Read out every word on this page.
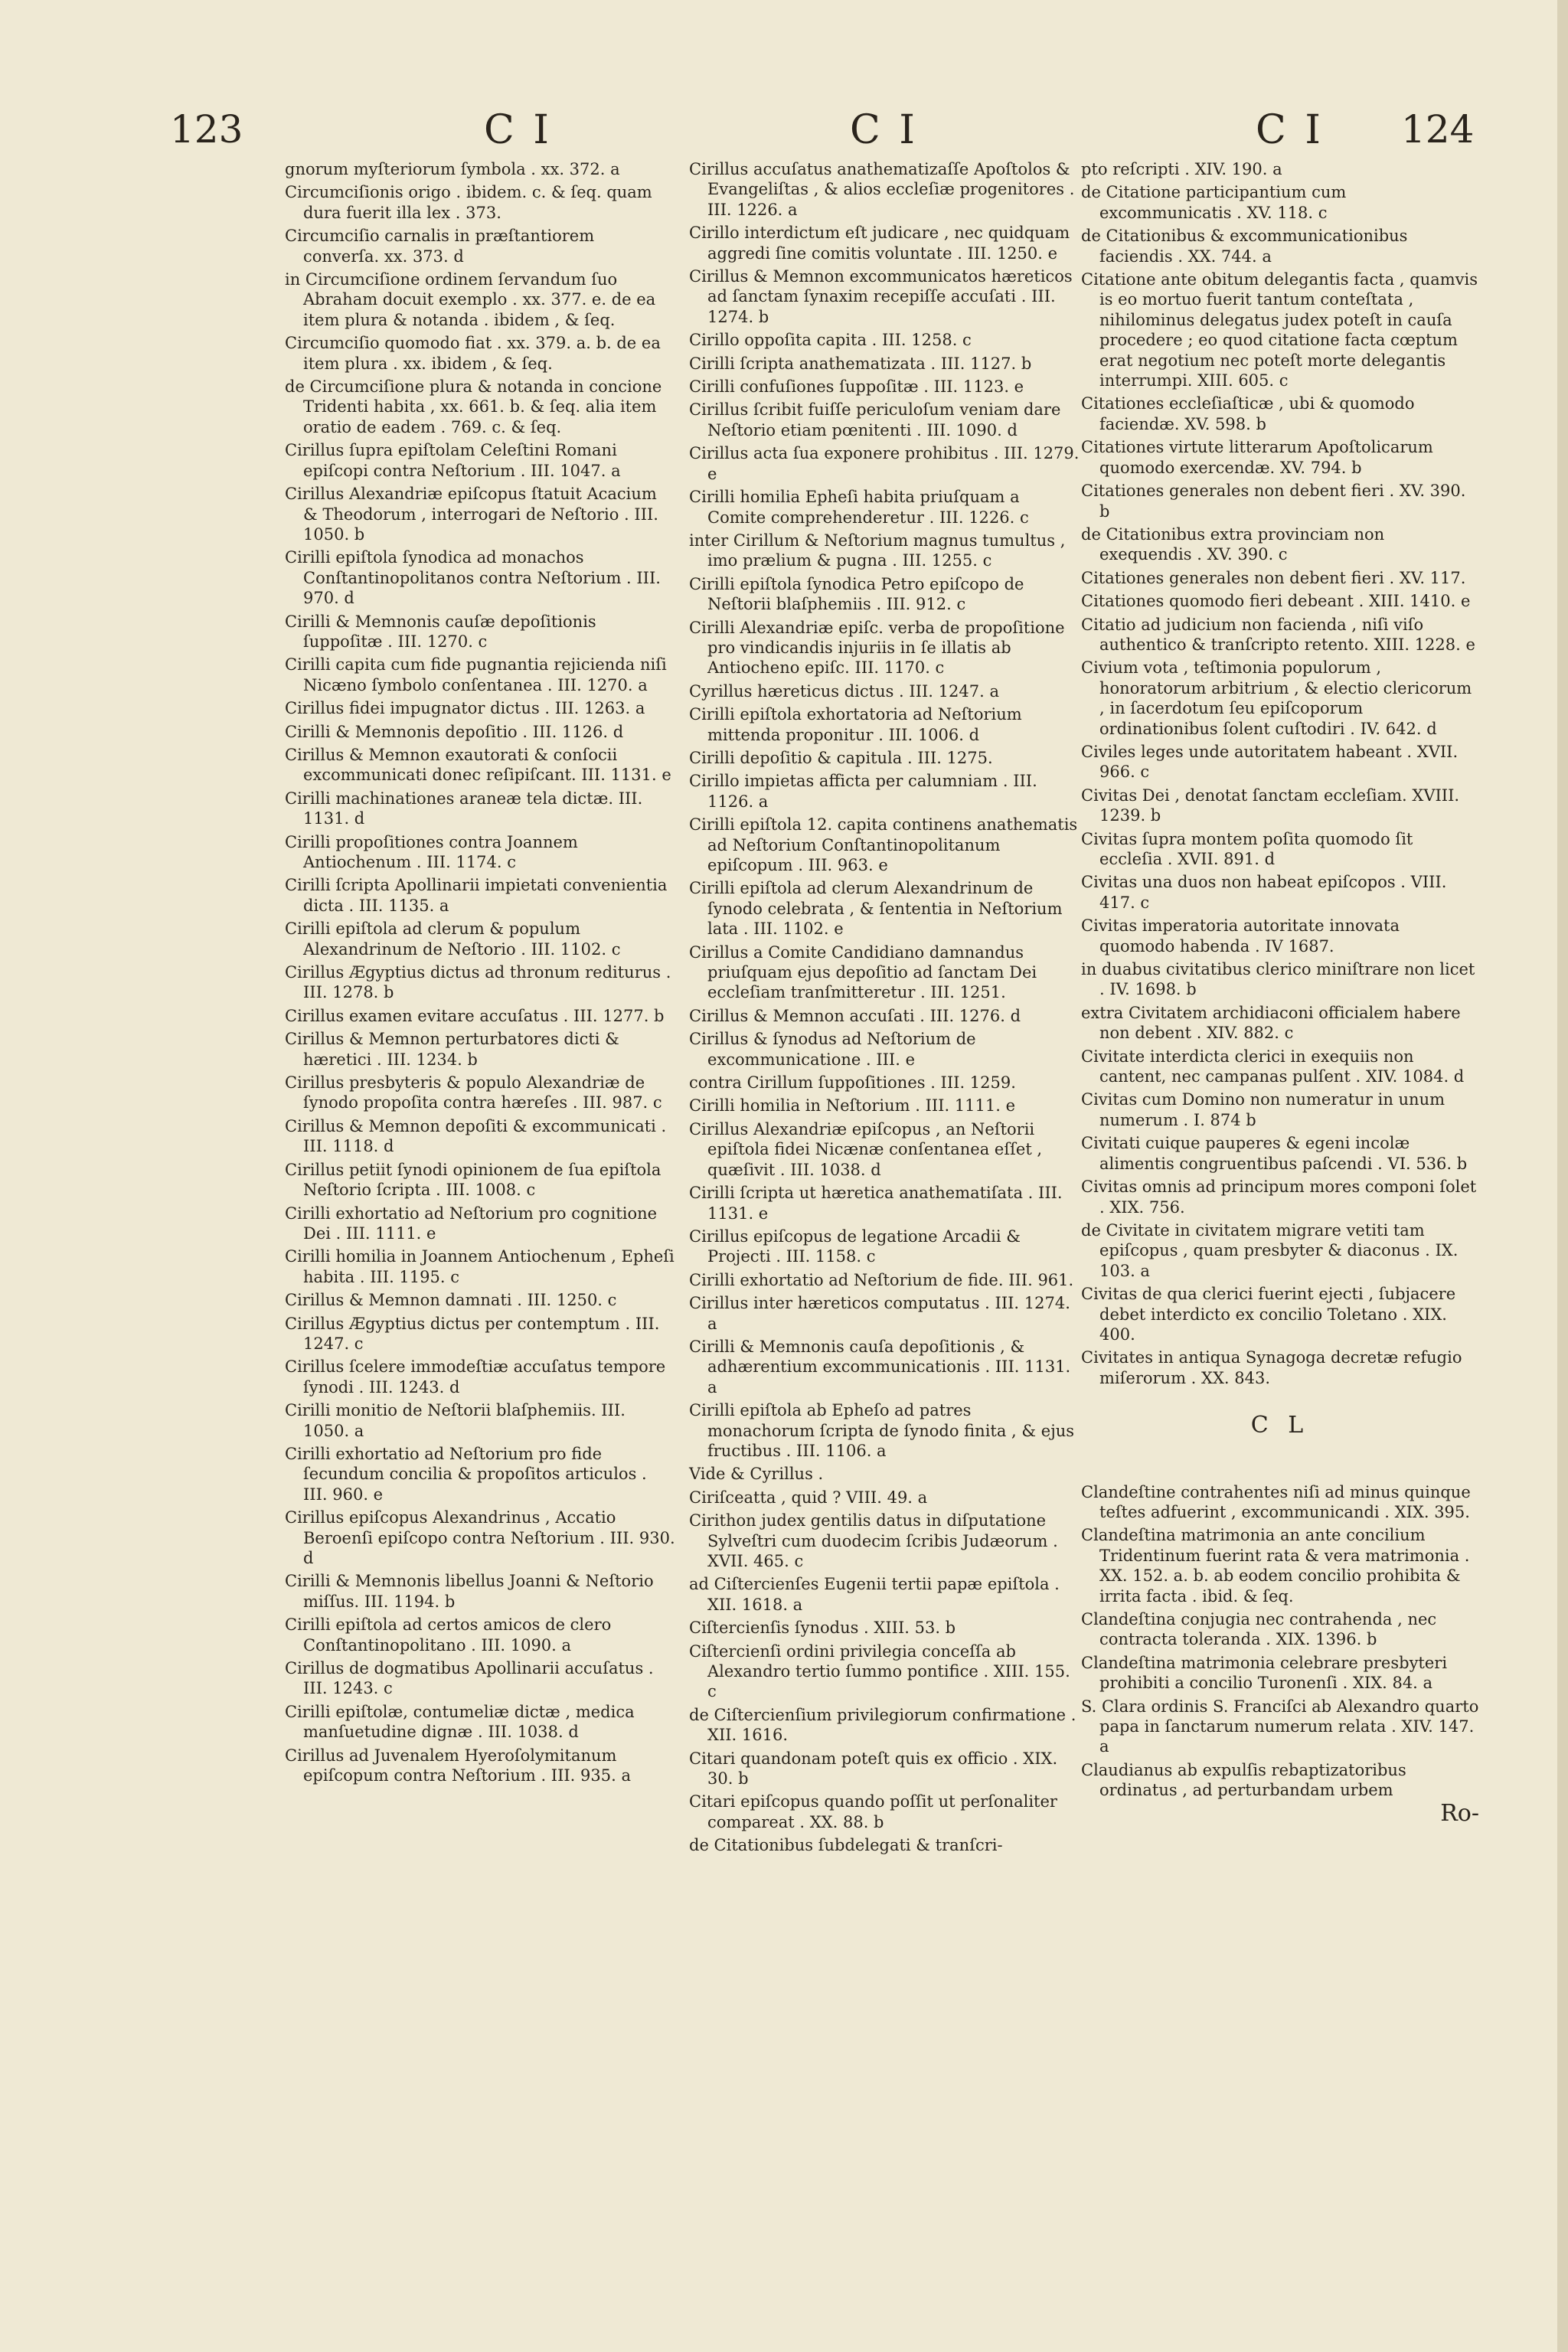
123	C I	C I	C I 124

gnorum myſteriorum ſymbola . xx. 372. a

Circumciſionis origo . ibidem. c. & ſeq. quam dura fuerit illa lex . 373.

Circumciſio carnalis in præſtantiorem converſa. xx. 373. d

in Circumciſione ordinem ſervandum ſuo Abraham docuit exemplo . xx. 377. e. de ea item plura & notanda . ibidem , & ſeq.

Circumciſio quomodo fiat . xx. 379. a. b. de ea item plura . xx. ibidem , & ſeq.

de Circumciſione plura & notanda in concione Tridenti habita , xx. 661. b. & ſeq. alia item oratio de eadem . 769. c. & ſeq.

Cirillus ſupra epiſtolam Celeſtini Romani epiſcopi contra Neſtorium . III. 1047. a

Cirillus Alexandriæ epiſcopus ſtatuit Acacium & Theodorum , interrogari de Neſtorio . III. 1050. b

Cirilli epiſtola ſynodica ad monachos Conſtantinopolitanos contra Neſtorium . III. 970. d

Cirilli & Memnonis cauſæ depoſitionis ſuppoſitæ . III. 1270. c

Cirilli capita cum fide pugnantia rejicienda niſi Nicæno ſymbolo conſentanea . III. 1270. a

Cirillus fidei impugnator dictus . III. 1263. a

Cirilli & Memnonis depoſitio . III. 1126. d

Cirillus & Memnon exautorati & conſocii excommunicati donec reſipiſcant. III. 1131. e

Cirilli machinationes araneæ tela dictæ. III. 1131. d

Cirilli propoſitiones contra Joannem Antiochenum . III. 1174. c

Cirilli ſcripta Apollinarii impietati convenientia dicta . III. 1135. a

Cirilli epiſtola ad clerum & populum Alexandrinum de Neſtorio . III. 1102. c

Cirillus Ægyptius dictus ad thronum rediturus . III. 1278. b

Cirillus examen evitare accuſatus . III. 1277. b

Cirillus & Memnon perturbatores dicti & hæretici . III. 1234. b

Cirillus presbyteris & populo Alexandriæ de ſynodo propoſita contra hæreſes . III. 987. c

Cirillus & Memnon depoſiti & excommunicati . III. 1118. d

Cirillus petiit ſynodi opinionem de ſua epiſtola Neſtorio ſcripta . III. 1008. c

Cirilli exhortatio ad Neſtorium pro cognitione Dei . III. 1111. e

Cirilli homilia in Joannem Antiochenum , Epheſi habita . III. 1195. c

Cirillus & Memnon damnati . III. 1250. c

Cirillus Ægyptius dictus per contemptum . III. 1247. c

Cirillus ſcelere immodeſtiæ accuſatus tempore ſynodi . III. 1243. d

Cirilli monitio de Neſtorii blaſphemiis. III. 1050. a

Cirilli exhortatio ad Neſtorium pro fide ſecundum concilia & propoſitos articulos . III. 960. e

Cirillus epiſcopus Alexandrinus , Accatio Beroenſi epiſcopo contra Neſtorium . III. 930. d

Cirilli & Memnonis libellus Joanni & Neſtorio miſſus. III. 1194. b

Cirilli epiſtola ad certos amicos de clero Conſtantinopolitano . III. 1090. a

Cirillus de dogmatibus Apollinarii accuſatus . III. 1243. c

Cirilli epiſtolæ, contumeliæ dictæ , medica manſuetudine dignæ . III. 1038. d

Cirillus ad Juvenalem Hyeroſolymitanum epiſcopum contra Neſtorium . III. 935. a

Cirillus accuſatus anathematizaſſe Apoſtolos & Evangeliſtas , & alios eccleſiæ progenitores . III. 1226. a

Cirillo interdictum eſt judicare , nec quidquam aggredi ſine comitis voluntate . III. 1250. e

Cirillus & Memnon excommunicatos hæreticos ad ſanctam ſynaxim recepiſſe accuſati . III. 1274. b

Cirillo oppoſita capita . III. 1258. c

Cirilli ſcripta anathematizata . III. 1127. b

Cirilli confuſiones ſuppoſitæ . III. 1123. e

Cirillus ſcribit fuiſſe periculoſum veniam dare Neſtorio etiam pœnitenti . III. 1090. d

Cirillus acta ſua exponere prohibitus . III. 1279. e

Cirilli homilia Epheſi habita priuſquam a Comite comprehenderetur . III. 1226. c

inter Cirillum & Neſtorium magnus tumultus , imo prælium & pugna . III. 1255. c

Cirilli epiſtola ſynodica Petro epiſcopo de Neſtorii blaſphemiis . III. 912. c

Cirilli Alexandriæ epiſc. verba de propoſitione pro vindicandis injuriis in ſe illatis ab Antiocheno epiſc. III. 1170. c

Cyrillus hæreticus dictus . III. 1247. a

Cirilli epiſtola exhortatoria ad Neſtorium mittenda proponitur . III. 1006. d

Cirilli depoſitio & capitula . III. 1275.

Cirillo impietas afficta per calumniam . III. 1126. a

Cirilli epiſtola 12. capita continens anathematis ad Neſtorium Conſtantinopolitanum epiſcopum . III. 963. e

Cirilli epiſtola ad clerum Alexandrinum de ſynodo celebrata , & ſententia in Neſtorium lata . III. 1102. e

Cirillus a Comite Candidiano damnandus priuſquam ejus depoſitio ad ſanctam Dei eccleſiam tranſmitteretur . III. 1251.

Cirillus & Memnon accuſati . III. 1276. d

Cirillus & ſynodus ad Neſtorium de excommunicatione . III. e

contra Cirillum ſuppoſitiones . III. 1259.

Cirilli homilia in Neſtorium . III. 1111. e

Cirillus Alexandriæ epiſcopus , an Neſtorii epiſtola fidei Nicænæ conſentanea eſſet , quæſivit . III. 1038. d

Cirilli ſcripta ut hæretica anathematiſata . III. 1131. e

Cirillus epiſcopus de legatione Arcadii & Projecti . III. 1158. c

Cirilli exhortatio ad Neſtorium de fide. III. 961.

Cirillus inter hæreticos computatus . III. 1274. a

Cirilli & Memnonis cauſa depoſitionis , & adhærentium excommunicationis . III. 1131. a

Cirilli epiſtola ab Epheſo ad patres monachorum ſcripta de ſynodo finita , & ejus fructibus . III. 1106. a

Vide & Cyrillus .

Ciriſceatta , quid ? VIII. 49. a

Cirithon judex gentilis datus in diſputatione Sylveſtri cum duodecim ſcribis Judæorum . XVII. 465. c

ad Ciſtercienſes Eugenii tertii papæ epiſtola . XII. 1618. a

Ciſtercienſis ſynodus . XIII. 53. b

Ciſtercienſi ordini privilegia conceſſa ab Alexandro tertio ſummo pontifice . XIII. 155. c

de Ciſtercienſium privilegiorum confirmatione . XII. 1616.

Citari quandonam poteſt quis ex officio . XIX. 30. b

Citari epiſcopus quando poſſit ut perſonaliter compareat . XX. 88. b

de Citationibus ſubdelegati & tranſcri-

pto reſcripti . XIV. 190. a

de Citatione participantium cum excommunicatis . XV. 118. c

de Citationibus & excommunicationibus faciendis . XX. 744. a

Citatione ante obitum delegantis facta , quamvis is eo mortuo fuerit tantum conteſtata , nihilominus delegatus judex poteſt in cauſa procedere ; eo quod citatione facta cœptum erat negotium nec poteſt morte delegantis interrumpi. XIII. 605. c

Citationes eccleſiaſticæ , ubi & quomodo faciendæ. XV. 598. b

Citationes virtute litterarum Apoſtolicarum quomodo exercendæ. XV. 794. b

Citationes generales non debent fieri . XV. 390. b

de Citationibus extra provinciam non exequendis . XV. 390. c

Citationes generales non debent fieri . XV. 117.

Citationes quomodo fieri debeant . XIII. 1410. e

Citatio ad judicium non facienda , niſi viſo authentico & tranſcripto retento. XIII. 1228. e

Civium vota , teſtimonia populorum , honoratorum arbitrium , & electio clericorum , in ſacerdotum ſeu epiſcoporum ordinationibus ſolent cuſtodiri . IV. 642. d

Civiles leges unde autoritatem habeant . XVII. 966. c

Civitas Dei , denotat ſanctam eccleſiam. XVIII. 1239. b

Civitas ſupra montem poſita quomodo ſit eccleſia . XVII. 891. d

Civitas una duos non habeat epiſcopos . VIII. 417. c

Civitas imperatoria autoritate innovata quomodo habenda . IV 1687.

in duabus civitatibus clerico miniſtrare non licet . IV. 1698. b

extra Civitatem archidiaconi officialem habere non debent . XIV. 882. c

Civitate interdicta clerici in exequiis non cantent, nec campanas pulſent . XIV. 1084. d

Civitas cum Domino non numeratur in unum numerum . I. 874 b

Civitati cuique pauperes & egeni incolæ alimentis congruentibus paſcendi . VI. 536. b

Civitas omnis ad principum mores componi ſolet . XIX. 756.

de Civitate in civitatem migrare vetiti tam epiſcopus , quam presbyter & diaconus . IX. 103. a

Civitas de qua clerici fuerint ejecti , ſubjacere debet interdicto ex concilio Toletano . XIX. 400.

Civitates in antiqua Synagoga decretæ refugio miſerorum . XX. 843.

C L

Clandeſtine contrahentes niſi ad minus quinque teſtes adfuerint , excommunicandi . XIX. 395.

Clandeſtina matrimonia an ante concilium Tridentinum fuerint rata & vera matrimonia . XX. 152. a. b. ab eodem concilio prohibita & irrita facta . ibid. & ſeq.

Clandeſtina conjugia nec contrahenda , nec contracta toleranda . XIX. 1396. b

Clandeſtina matrimonia celebrare presbyteri prohibiti a concilio Turonenſi . XIX. 84. a

S. Clara ordinis S. Franciſci ab Alexandro quarto papa in ſanctarum numerum relata . XIV. 147. a

Claudianus ab expulſis rebaptizatoribus ordinatus , ad perturbandam urbem

Ro-
